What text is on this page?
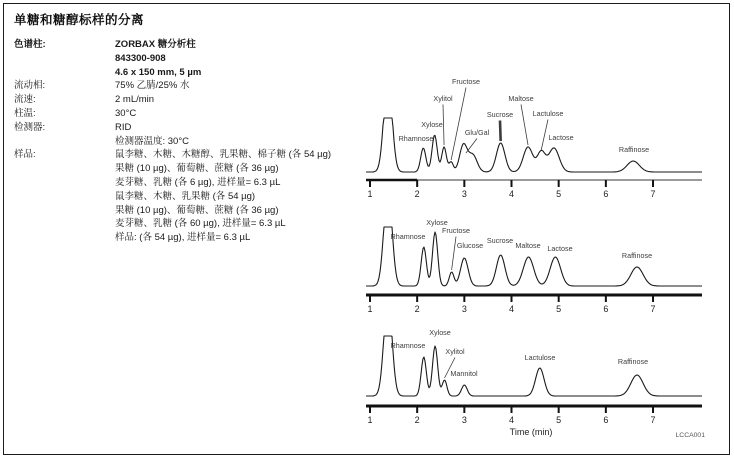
单糖和糖醇标样的分离
色谱柱:	ZORBAX 糖分析柱
843300-908
4.6 x 150 mm, 5 µm
流动相:	75% 乙腈/25% 水
流速:	2 mL/min
柱温:	30°C
检测器:	RID
检测器温度: 30°C
样品:	鼠李糖、木糖、木糖醇、乳果糖、棉子糖 (各 54 µg)
果糖 (10 µg)、葡萄糖、蔗糖 (各 36 µg)
麦芽糖、乳糖 (各 6 µg), 进样量= 6.3 µL
鼠李糖、木糖、乳果糖 (各 54 µg)
果糖 (10 µg)、葡萄糖、蔗糖 (各 36 µg)
麦芽糖、乳糖 (各 60 µg), 进样量= 6.3 µL
样品: (各 54 µg), 进样量= 6.3 µL
1	2	3	4	5	6	7
Rhamnose
Xylose
Xylitol
Fructose
Glu/Gal
Sucrose
Maltose
Lactulose
Lactose
Raffinose
1	2	3	4	5	6	7
Rhamnose
Xylose
Fructose
Glucose
Sucrose
Maltose Lactose
Raffinose
1	2	3	4	5	6	7
Rhamnose
Xylose
Xylitol
Mannitol
Lactulose	Raffinose
Time (min)	LCCA001
